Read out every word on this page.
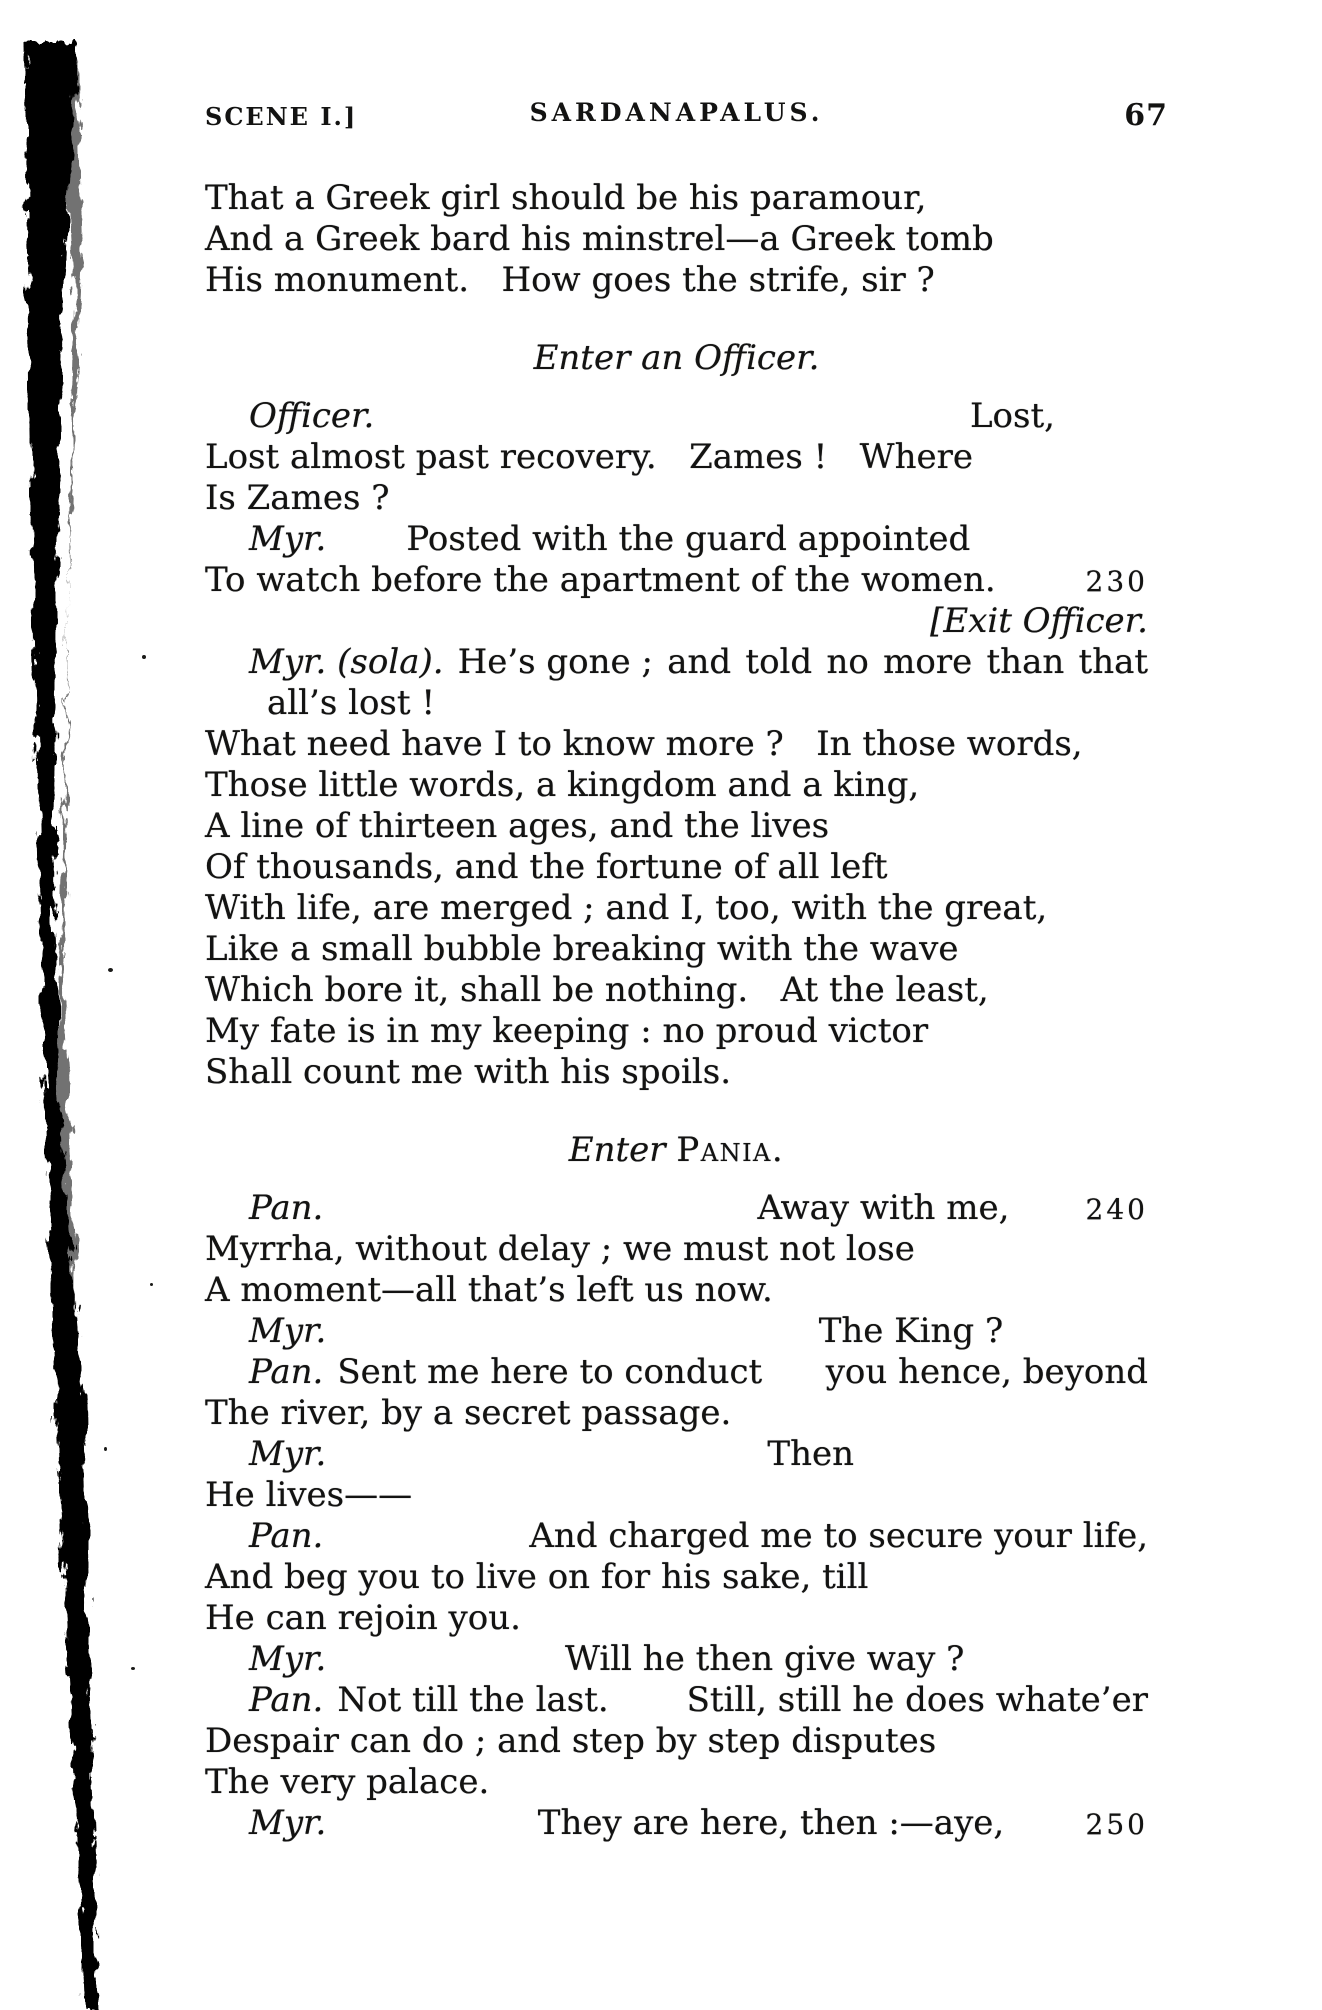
SCENE I.]	SARDANAPALUS.	67
That a Greek girl should be his paramour,
And a Greek bard his minstrel—a Greek tomb
His monument.   How goes the strife, sir ?
Enter an Officer.
Officer.	Lost,
Lost almost past recovery.   Zames !   Where
Is Zames ?
Myr. Posted with the guard appointed
To watch before the apartment of the women.	230
[Exit Officer.
Myr. (sola). He’s gone ; and told no more than that
all’s lost !
What need have I to know more ?   In those words,
Those little words, a kingdom and a king,
A line of thirteen ages, and the lives
Of thousands, and the fortune of all left
With life, are merged ; and I, too, with the great,
Like a small bubble breaking with the wave
Which bore it, shall be nothing.   At the least,
My fate is in my keeping : no proud victor
Shall count me with his spoils.
Enter Pania.
Pan.	Away with me,	240
Myrrha, without delay ; we must not lose
A moment—all that’s left us now.
Myr.	The King ?
Pan. Sent me here to conduct you hence, beyond
The river, by a secret passage.
Myr.	Then
He lives——
Pan.	And charged me to secure your life,
And beg you to live on for his sake, till
He can rejoin you.
Myr.	Will he then give way ?
Pan. Not till the last. Still, still he does whate’er
Despair can do ; and step by step disputes
The very palace.
Myr.	They are here, then :—aye,	250
